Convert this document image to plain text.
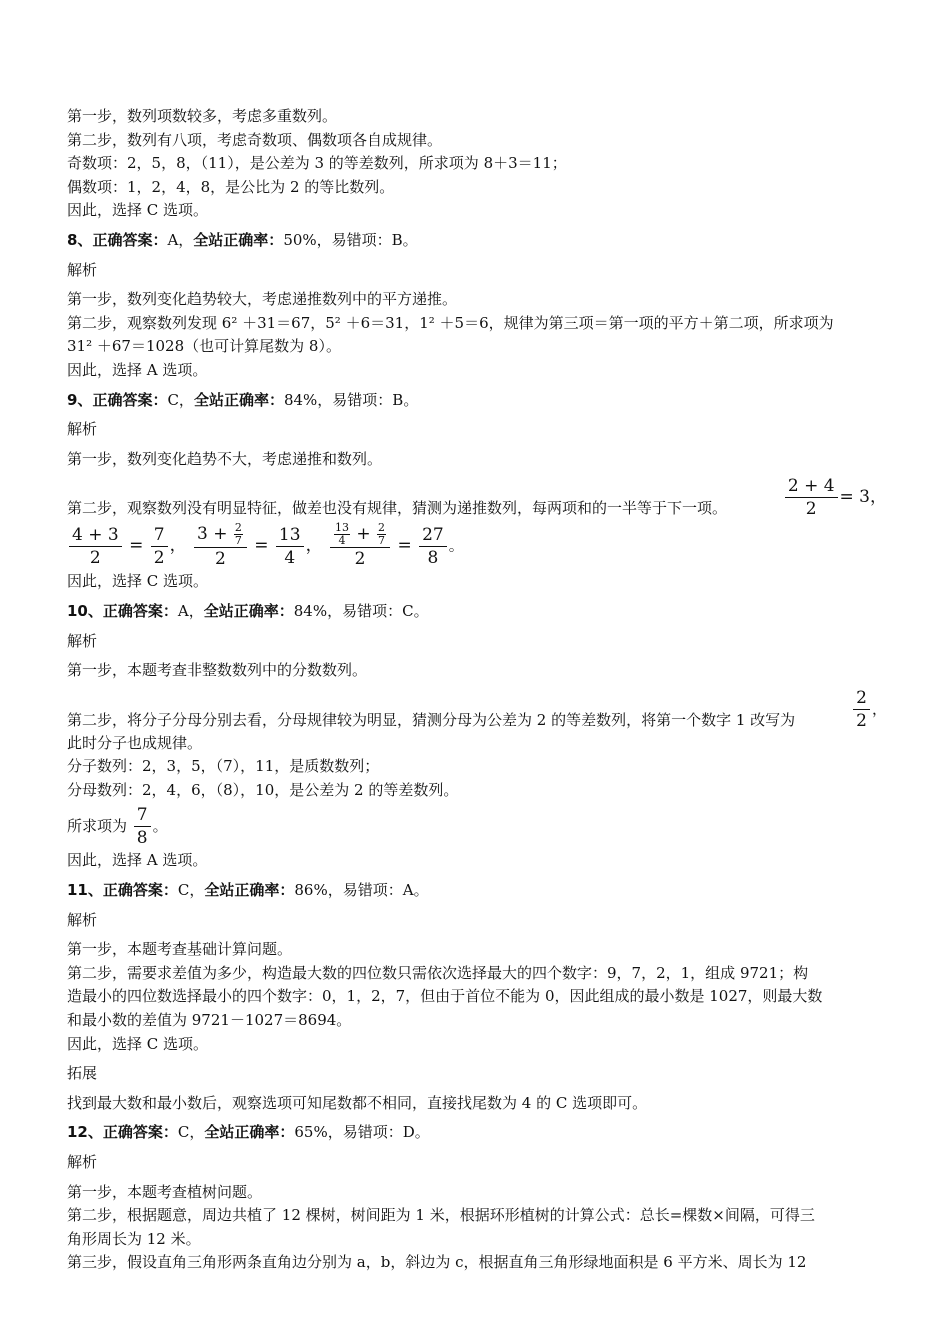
第一步，数列项数较多，考虑多重数列。
第二步，数列有八项，考虑奇数项、偶数项各自成规律。
奇数项：2，5，8，（11），是公差为 3 的等差数列，所求项为 8＋3＝11；
偶数项：1，2，4，8，是公比为 2 的等比数列。
因此，选择 C 选项。
8、正确答案：A，全站正确率：50%，易错项：B。
解析
第一步，数列变化趋势较大，考虑递推数列中的平方递推。
第二步，观察数列发现 6² ＋31＝67，5² ＋6＝31，1² ＋5＝6，规律为第三项＝第一项的平方＋第二项，所求项为
31² ＋67＝1028（也可计算尾数为 8）。
因此，选择 A 选项。
9、正确答案：C，全站正确率：84%，易错项：B。
解析
第一步，数列变化趋势不大，考虑递推和数列。
第二步，观察数列没有明显特征，做差也没有规律，猜测为递推数列，每两项和的一半等于下一项。	$\frac{2 + 4}{2} = 3$，
$\frac{4 + 3}{2} = \frac{7}{2}$ ， $\frac{3 + \frac{2}{7}}{2} = \frac{13}{4}$ ， $\frac{\frac{13}{4} + \frac{2}{7}}{2} = \frac{27}{8}$ 。
因此，选择 C 选项。
10、正确答案：A，全站正确率：84%，易错项：C。
解析
第一步，本题考查非整数数列中的分数数列。
第二步，将分子分母分别去看，分母规律较为明显，猜测分母为公差为 2 的等差数列，将第一个数字 1 改写为	$\frac{2}{2}$ ，
此时分子也成规律。
分子数列：2，3，5，（7），11，是质数数列；
分母数列：2，4，6，（8），10，是公差为 2 的等差数列。
所求项为 $\frac{7}{8}$ 。
因此，选择 A 选项。
11、正确答案：C，全站正确率：86%，易错项：A。
解析
第一步，本题考查基础计算问题。
第二步，需要求差值为多少，构造最大数的四位数只需依次选择最大的四个数字：9，7，2，1，组成 9721；构
造最小的四位数选择最小的四个数字：0，1，2，7，但由于首位不能为 0，因此组成的最小数是 1027，则最大数
和最小数的差值为 9721－1027＝8694。
因此，选择 C 选项。
拓展
找到最大数和最小数后，观察选项可知尾数都不相同，直接找尾数为 4 的 C 选项即可。
12、正确答案：C，全站正确率：65%，易错项：D。
解析
第一步，本题考查植树问题。
第二步，根据题意，周边共植了 12 棵树，树间距为 1 米，根据环形植树的计算公式：总长=棵数×间隔，可得三
角形周长为 12 米。
第三步，假设直角三角形两条直角边分别为 a，b，斜边为 c，根据直角三角形绿地面积是 6 平方米、周长为 12
